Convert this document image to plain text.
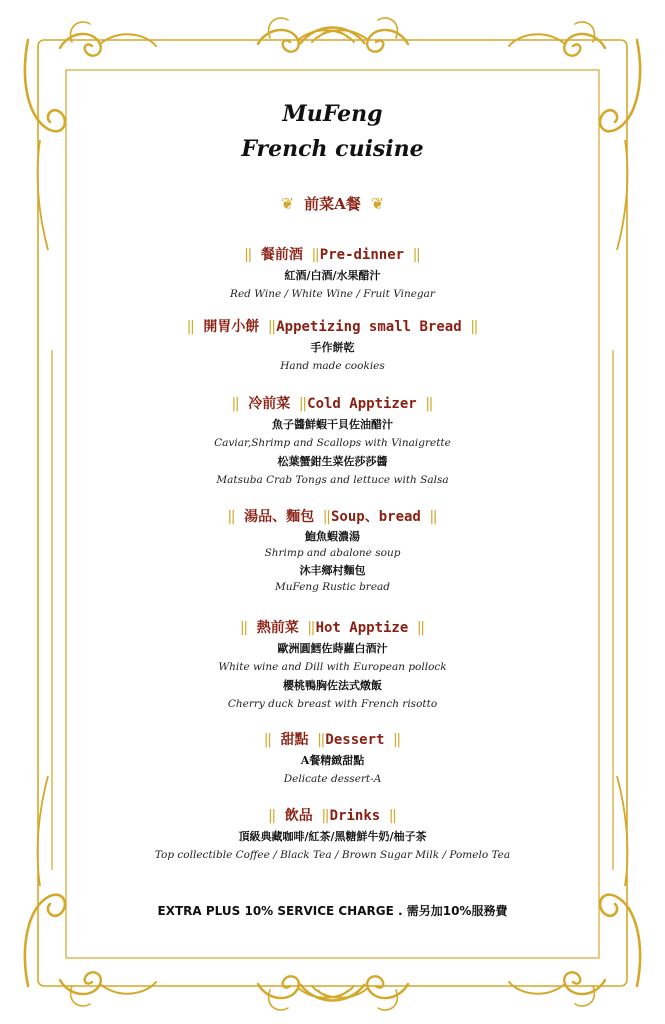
MuFeng
French cuisine
❦ 前菜A餐 ❦
‖ 餐前酒 ‖Pre-dinner ‖
紅酒/白酒/水果醋汁
Red Wine / White Wine / Fruit Vinegar
‖ 開胃小餅 ‖Appetizing small Bread ‖
手作餅乾
Hand made cookies
‖ 冷前菜 ‖Cold Apptizer ‖
魚子醬鮮蝦干貝佐油醋汁
Caviar,Shrimp and Scallops with Vinaigrette
松葉蟹鉗生菜佐莎莎醬
Matsuba Crab Tongs and lettuce with Salsa
‖ 湯品、麵包 ‖Soup、bread ‖
鮑魚蝦濃湯
Shrimp and abalone soup
沐丰鄉村麵包
MuFeng Rustic bread
‖ 熱前菜 ‖Hot Apptize ‖
歐洲圓鱈佐蒔蘿白酒汁
White wine and Dill with European pollock
櫻桃鴨胸佐法式燉飯
Cherry duck breast with French risotto
‖ 甜點 ‖Dessert ‖
A餐精緻甜點
Delicate dessert-A
‖ 飲品 ‖Drinks ‖
頂級典藏咖啡/紅茶/黑糖鮮牛奶/柚子茶
Top collectible Coffee / Black Tea / Brown Sugar Milk / Pomelo Tea
EXTRA PLUS 10% SERVICE CHARGE . 需另加10%服務費
